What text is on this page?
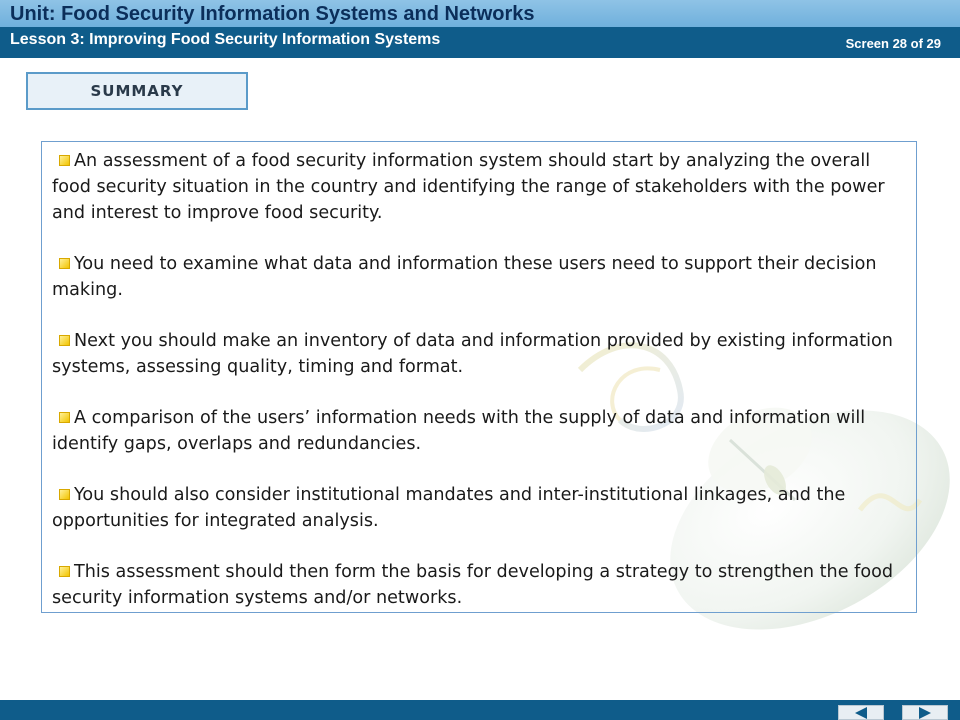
Unit: Food Security Information Systems and Networks
Lesson 3: Improving Food Security Information Systems	Screen 28 of 29
SUMMARY

An assessment of a food security information system should start by analyzing the overall food security situation in the country and identifying the range of stakeholders with the power and interest to improve food security.

You need to examine what data and information these users need to support their decision making.

Next you should make an inventory of data and information provided by existing information systems, assessing quality, timing and format.

A comparison of the users’ information needs with the supply of data and information will identify gaps, overlaps and redundancies.

You should also consider institutional mandates and inter-institutional linkages, and the opportunities for integrated analysis.

This assessment should then form the basis for developing a strategy to strengthen the food security information systems and/or networks.
